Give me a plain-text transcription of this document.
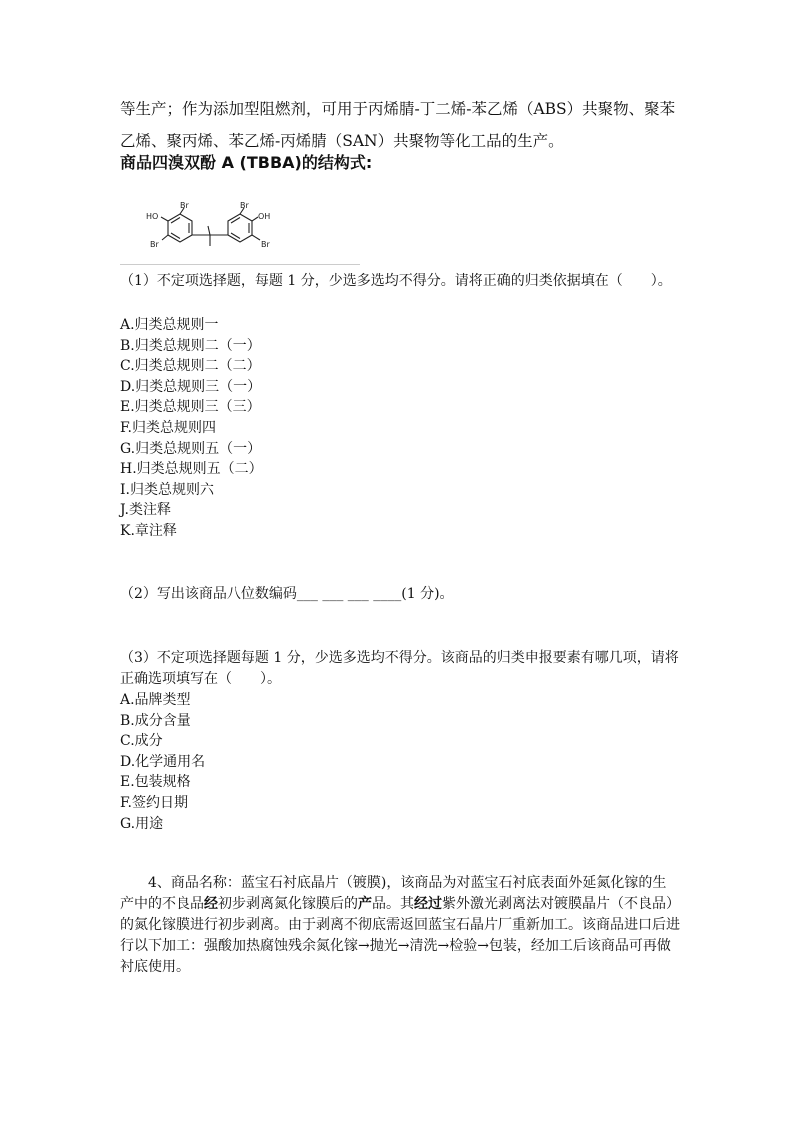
等生产；作为添加型阻燃剂，可用于丙烯腈-丁二烯-苯乙烯（ABS）共聚物、聚苯乙烯、聚丙烯、苯乙烯-丙烯腈（SAN）共聚物等化工品的生产。

商品四溴双酚 A (TBBA)的结构式:
HO
Br
Br
Br
OH
Br

（1）不定项选择题，每题 1 分，少选多选均不得分。请将正确的归类依据填在（　　）。

A.归类总规则一
B.归类总规则二（一）
C.归类总规则二（二）
D.归类总规则三（一）
E.归类总规则三（三）
F.归类总规则四
G.归类总规则五（一）
H.归类总规则五（二）
I.归类总规则六
J.类注释
K.章注释

（2）写出该商品八位数编码___ ___ ___ ____(1 分)。

（3）不定项选择题每题 1 分，少选多选均不得分。该商品的归类申报要素有哪几项，请将正确选项填写在（　　）。

A.品牌类型
B.成分含量
C.成分
D.化学通用名
E.包装规格
F.签约日期
G.用途

4、商品名称：蓝宝石衬底晶片（镀膜)，该商品为对蓝宝石衬底表面外延氮化镓的生产中的不良品经初步剥离氮化镓膜后的产品。其经过紫外激光剥离法对镀膜晶片（不良品）的氮化镓膜进行初步剥离。由于剥离不彻底需返回蓝宝石晶片厂重新加工。该商品进口后进行以下加工：强酸加热腐蚀残余氮化镓→抛光→清洗→检验→包装，经加工后该商品可再做衬底使用。
